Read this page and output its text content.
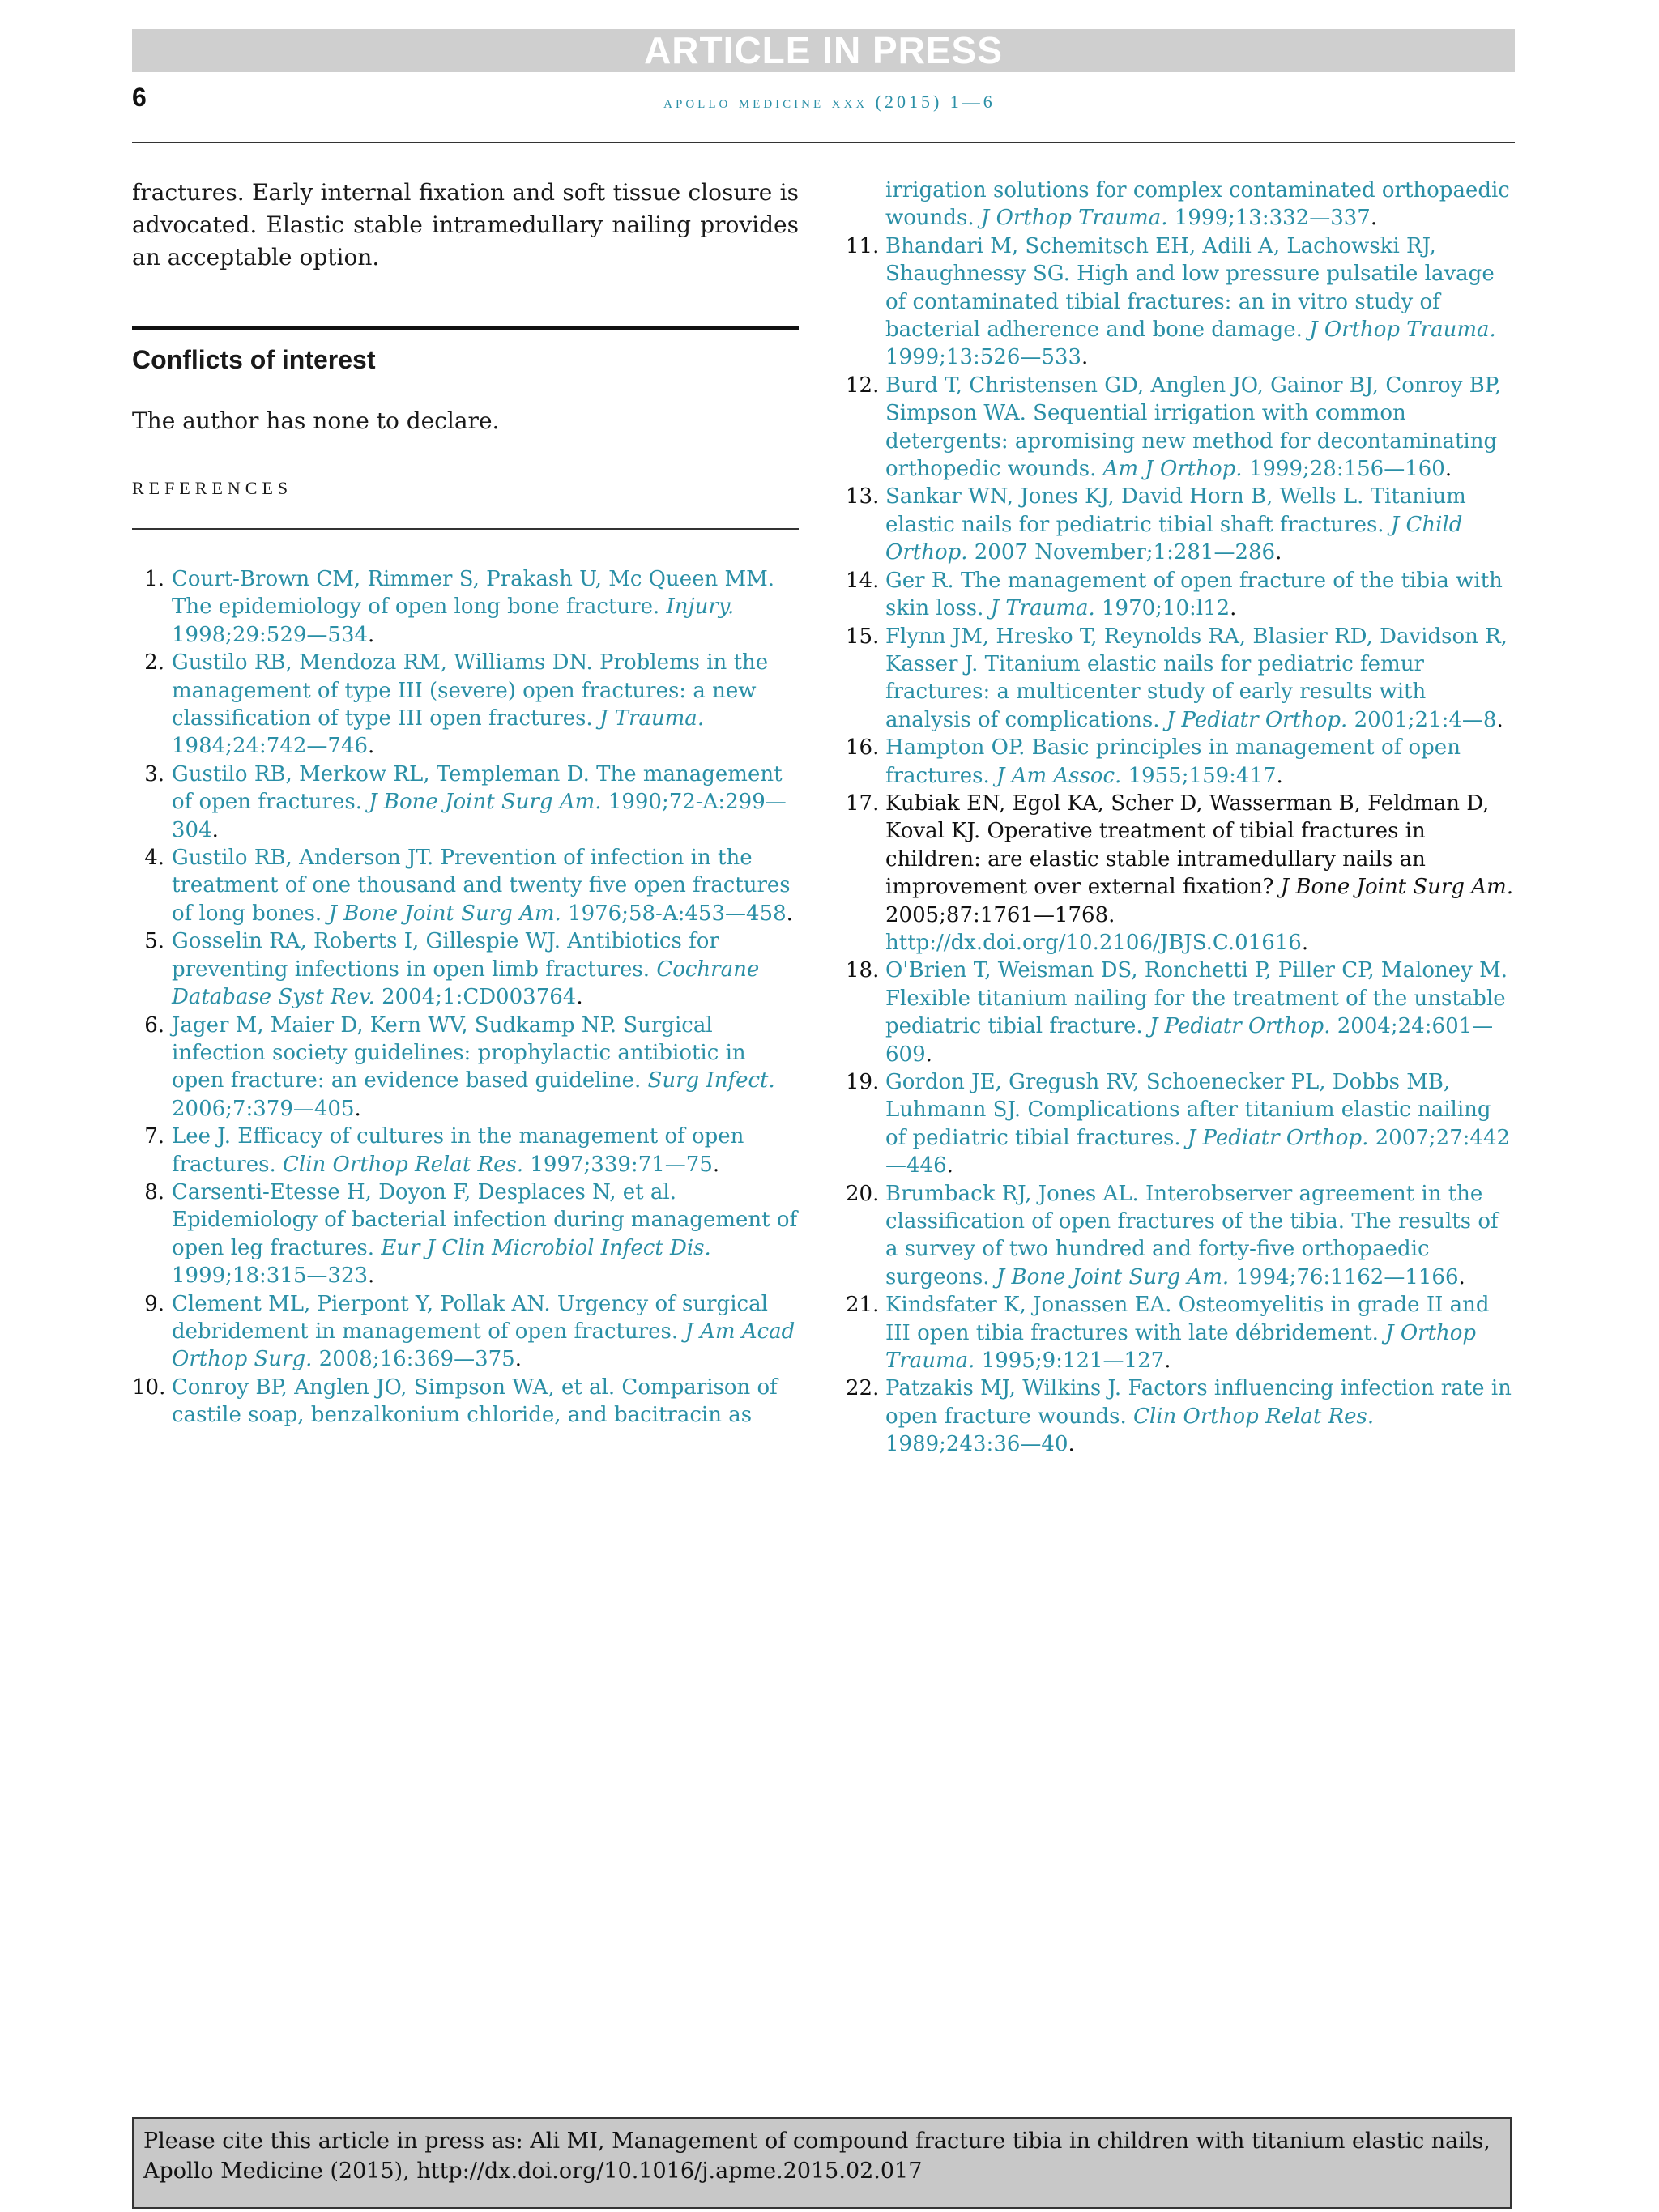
ARTICLE IN PRESS
6	apollo medicine xxx (2015) 1—6

fractures. Early internal fixation and soft tissue closure is advocated. Elastic stable intramedullary nailing provides an acceptable option.

Conflicts of interest

The author has none to declare.

REFERENCES
1. Court-Brown CM, Rimmer S, Prakash U, Mc Queen MM. The epidemiology of open long bone fracture. Injury. 1998;29:529—534.
2. Gustilo RB, Mendoza RM, Williams DN. Problems in the management of type III (severe) open fractures: a new classification of type III open fractures. J Trauma. 1984;24:742—746.
3. Gustilo RB, Merkow RL, Templeman D. The management of open fractures. J Bone Joint Surg Am. 1990;72-A:299—304.
4. Gustilo RB, Anderson JT. Prevention of infection in the treatment of one thousand and twenty five open fractures of long bones. J Bone Joint Surg Am. 1976;58-A:453—458.
5. Gosselin RA, Roberts I, Gillespie WJ. Antibiotics for preventing infections in open limb fractures. Cochrane Database Syst Rev. 2004;1:CD003764.
6. Jager M, Maier D, Kern WV, Sudkamp NP. Surgical infection society guidelines: prophylactic antibiotic in open fracture: an evidence based guideline. Surg Infect. 2006;7:379—405.
7. Lee J. Efficacy of cultures in the management of open fractures. Clin Orthop Relat Res. 1997;339:71—75.
8. Carsenti-Etesse H, Doyon F, Desplaces N, et al. Epidemiology of bacterial infection during management of open leg fractures. Eur J Clin Microbiol Infect Dis. 1999;18:315—323.
9. Clement ML, Pierpont Y, Pollak AN. Urgency of surgical debridement in management of open fractures. J Am Acad Orthop Surg. 2008;16:369—375.
10. Conroy BP, Anglen JO, Simpson WA, et al. Comparison of castile soap, benzalkonium chloride, and bacitracin as
irrigation solutions for complex contaminated orthopaedic wounds. J Orthop Trauma. 1999;13:332—337.
11. Bhandari M, Schemitsch EH, Adili A, Lachowski RJ, Shaughnessy SG. High and low pressure pulsatile lavage of contaminated tibial fractures: an in vitro study of bacterial adherence and bone damage. J Orthop Trauma. 1999;13:526—533.
12. Burd T, Christensen GD, Anglen JO, Gainor BJ, Conroy BP, Simpson WA. Sequential irrigation with common detergents: apromising new method for decontaminating orthopedic wounds. Am J Orthop. 1999;28:156—160.
13. Sankar WN, Jones KJ, David Horn B, Wells L. Titanium elastic nails for pediatric tibial shaft fractures. J Child Orthop. 2007 November;1:281—286.
14. Ger R. The management of open fracture of the tibia with skin loss. J Trauma. 1970;10:l12.
15. Flynn JM, Hresko T, Reynolds RA, Blasier RD, Davidson R, Kasser J. Titanium elastic nails for pediatric femur fractures: a multicenter study of early results with analysis of complications. J Pediatr Orthop. 2001;21:4—8.
16. Hampton OP. Basic principles in management of open fractures. J Am Assoc. 1955;159:417.
17. Kubiak EN, Egol KA, Scher D, Wasserman B, Feldman D, Koval KJ. Operative treatment of tibial fractures in children: are elastic stable intramedullary nails an improvement over external fixation? J Bone Joint Surg Am. 2005;87:1761—1768. http://dx.doi.org/10.2106/JBJS.C.01616.
18. O'Brien T, Weisman DS, Ronchetti P, Piller CP, Maloney M. Flexible titanium nailing for the treatment of the unstable pediatric tibial fracture. J Pediatr Orthop. 2004;24:601—609.
19. Gordon JE, Gregush RV, Schoenecker PL, Dobbs MB, Luhmann SJ. Complications after titanium elastic nailing of pediatric tibial fractures. J Pediatr Orthop. 2007;27:442—446.
20. Brumback RJ, Jones AL. Interobserver agreement in the classification of open fractures of the tibia. The results of a survey of two hundred and forty-five orthopaedic surgeons. J Bone Joint Surg Am. 1994;76:1162—1166.
21. Kindsfater K, Jonassen EA. Osteomyelitis in grade II and III open tibia fractures with late débridement. J Orthop Trauma. 1995;9:121—127.
22. Patzakis MJ, Wilkins J. Factors influencing infection rate in open fracture wounds. Clin Orthop Relat Res. 1989;243:36—40.
Please cite this article in press as: Ali MI, Management of compound fracture tibia in children with titanium elastic nails, Apollo Medicine (2015), http://dx.doi.org/10.1016/j.apme.2015.02.017
